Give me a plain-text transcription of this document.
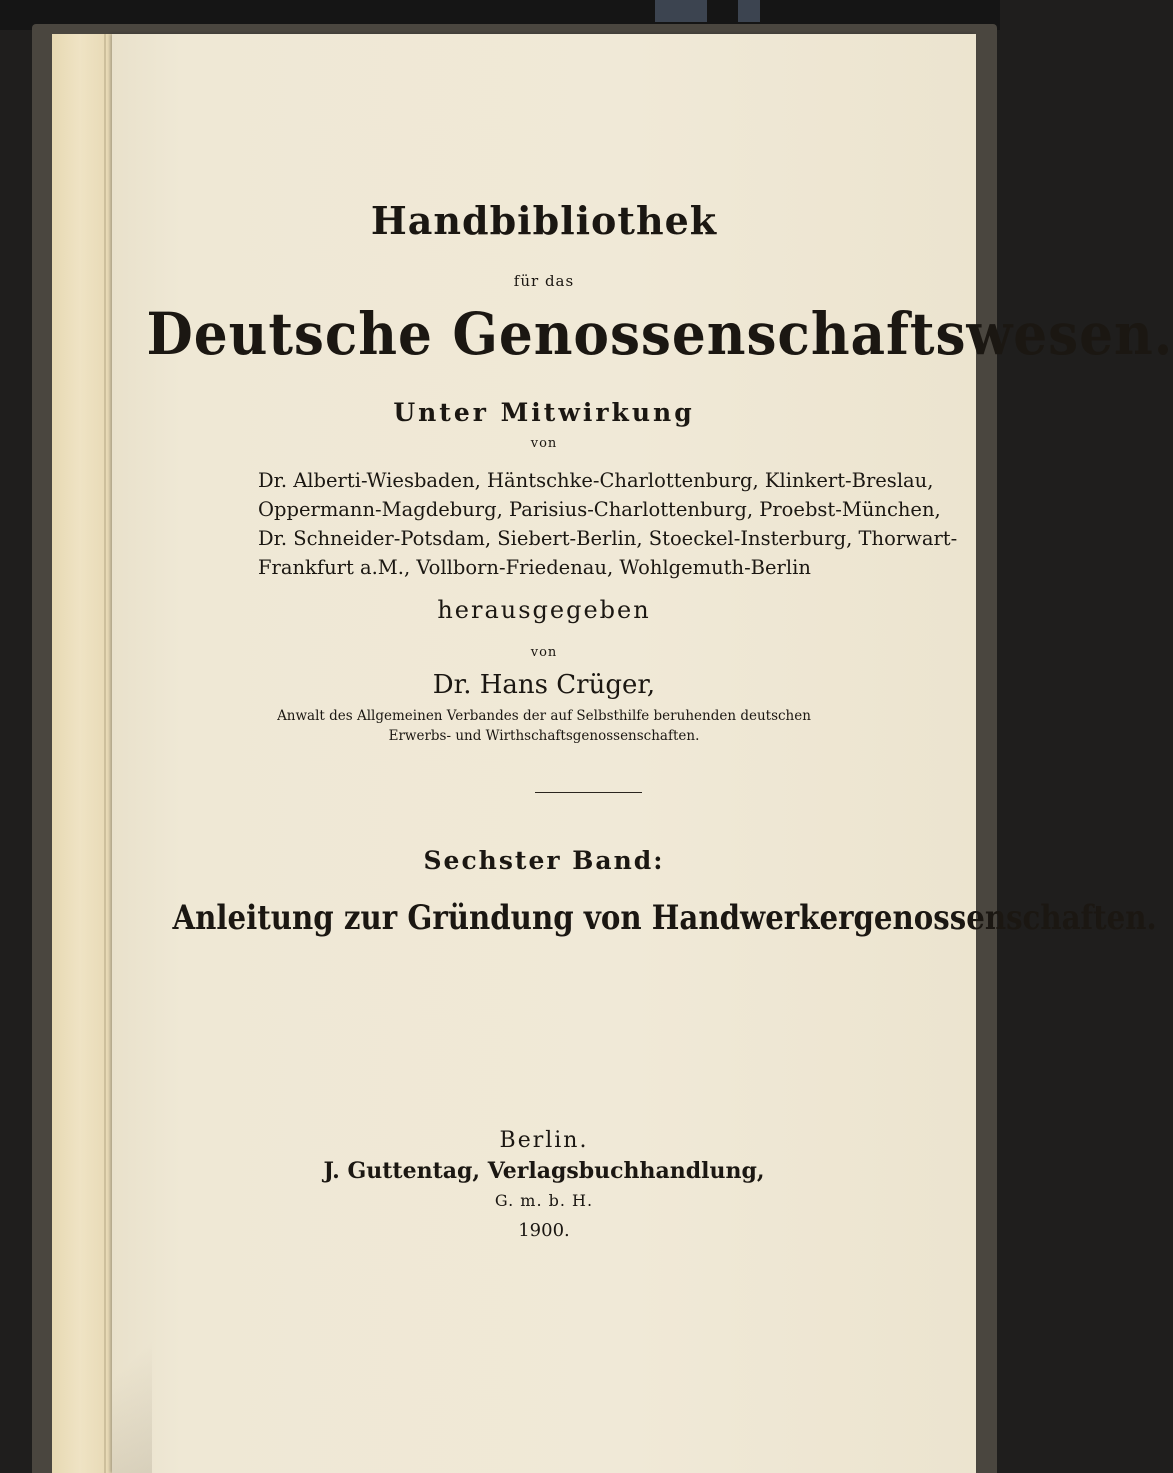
Handbibliothek
für das
Deutsche Genossenschaftswesen.
Unter Mitwirkung
von
Dr. Alberti-Wiesbaden, Häntschke-Charlottenburg, Klinkert-Breslau,
Oppermann-Magdeburg, Parisius-Charlottenburg, Proebst-München,
Dr. Schneider-Potsdam, Siebert-Berlin, Stoeckel-Insterburg, Thorwart-
Frankfurt a.M., Vollborn-Friedenau, Wohlgemuth-Berlin
herausgegeben
von
Dr. Hans Crüger,
Anwalt des Allgemeinen Verbandes der auf Selbsthilfe beruhenden deutschen
Erwerbs- und Wirthschaftsgenossenschaften.
Sechster Band:
Anleitung zur Gründung von Handwerkergenossenschaften.
Berlin.
J. Guttentag, Verlagsbuchhandlung,
G. m. b. H.
1900.
